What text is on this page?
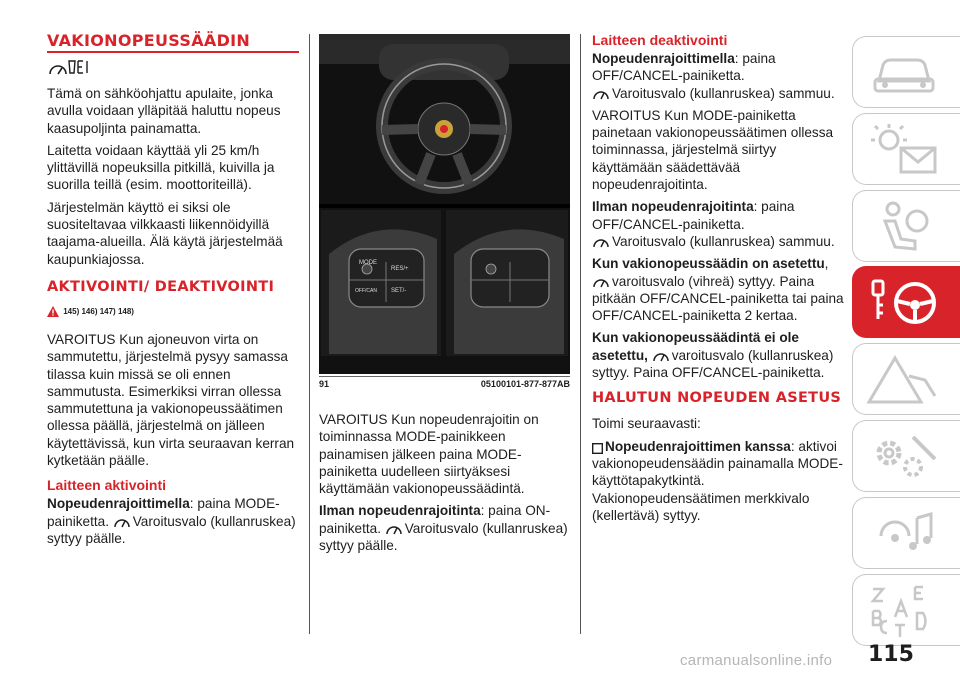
VAKIONOPEUSSÄÄDIN

Tämä on sähköohjattu apulaite, jonka avulla voidaan ylläpitää haluttu nopeus kaasupoljinta painamatta.

Laitetta voidaan käyttää yli 25 km/h ylittävillä nopeuksilla pitkillä, kuivilla ja suorilla teillä (esim. moottoriteillä).

Järjestelmän käyttö ei siksi ole suositeltavaa vilkkaasti liikennöidyillä taajama-alueilla. Älä käytä järjestelmää kaupunkiajossa.

AKTIVOINTI/ DEAKTIVOINTI
145) 146) 147) 148)

VAROITUS Kun ajoneuvon virta on sammutettu, järjestelmä pysyy samassa tilassa kuin missä se oli ennen sammutusta. Esimerkiksi virran ollessa sammutettuna ja vakionopeussäätimen ollessa päällä, järjestelmä on jälleen käytettävissä, kun virta seuraavan kerran kytketään päälle.

Laitteen aktivointi

Nopeudenrajoittimella: paina MODE-painiketta. Varoitusvalo (kullanruskea) syttyy päälle.

MODE
RES/+
OFF/CAN SET/-
91	05100101-877-877AB

VAROITUS Kun nopeudenrajoitin on toiminnassa MODE-painikkeen painamisen jälkeen paina MODE-painiketta uudelleen siirtyäksesi käyttämään vakionopeussäädintä.

Ilman nopeudenrajoitinta: paina ON-painiketta. Varoitusvalo (kullanruskea) syttyy päälle.

Laitteen deaktivointi

Nopeudenrajoittimella: paina OFF/CANCEL-painiketta.
Varoitusvalo (kullanruskea) sammuu.

VAROITUS Kun MODE-painiketta painetaan vakionopeussäätimen ollessa toiminnassa, järjestelmä siirtyy käyttämään säädettävää nopeudenrajoitinta.

Ilman nopeudenrajoitinta: paina OFF/CANCEL-painiketta.
Varoitusvalo (kullanruskea) sammuu.

Kun vakionopeussäädin on asetettu, varoitusvalo (vihreä) syttyy. Paina pitkään OFF/CANCEL-painiketta tai paina OFF/CANCEL-painiketta 2 kertaa.

Kun vakionopeussäädintä ei ole asetettu, varoitusvalo (kullanruskea) syttyy. Paina OFF/CANCEL-painiketta.

HALUTUN NOPEUDEN ASETUS

Toimi seuraavasti:

Nopeudenrajoittimen kanssa: aktivoi vakionopeudensäädin painamalla MODE-käyttötapakytkintä. Vakionopeudensäätimen merkkivalo (kellertävä) syttyy.

115
carmanualsonline.info
